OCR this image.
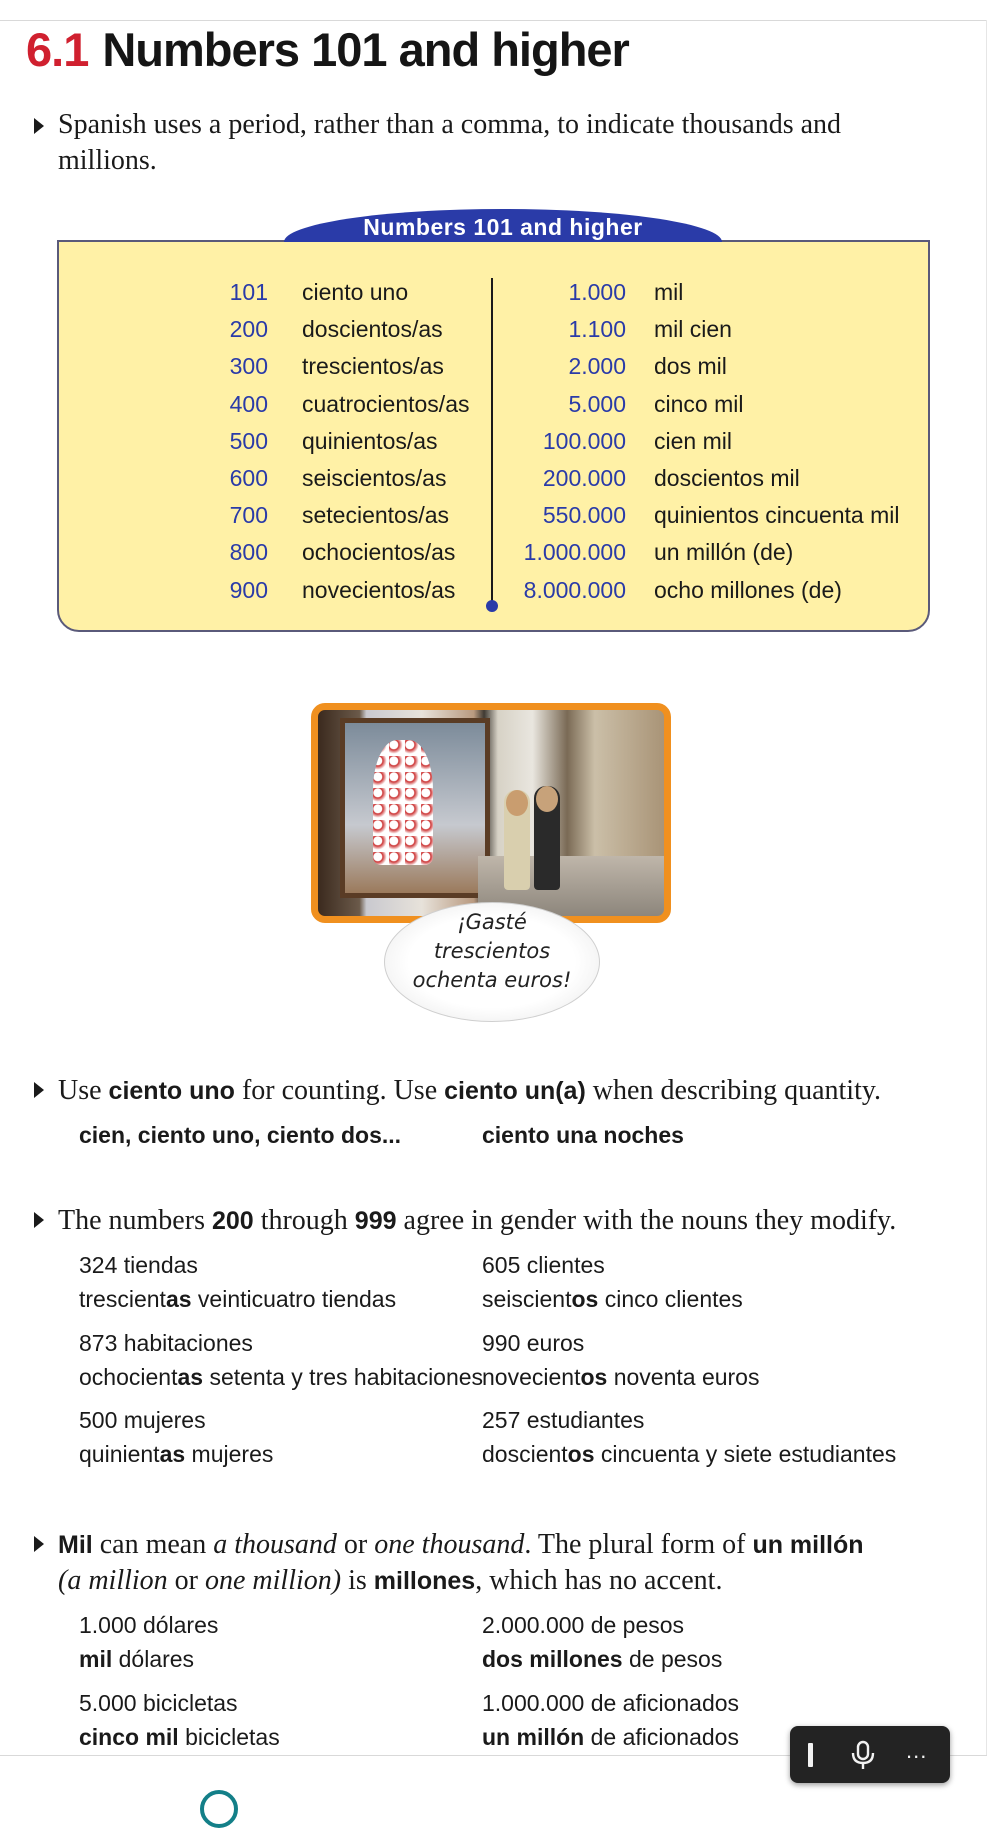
6.1 Numbers 101 and higher
Spanish uses a period, rather than a comma, to indicate thousands and millions.
Numbers 101 and higher
101 ciento uno	1.000 mil
200 doscientos/as	1.100 mil cien
300 trescientos/as	2.000 dos mil
400 cuatrocientos/as	5.000 cinco mil
500 quinientos/as	100.000 cien mil
600 seiscientos/as	200.000 doscientos mil
700 setecientos/as	550.000 quinientos cincuenta mil
800 ochocientos/as	1.000.000 un millón (de)
900 novecientos/as	8.000.000 ocho millones (de)
¡Gasté
trescientos
ochenta euros!
Use ciento uno for counting. Use ciento un(a) when describing quantity.
cien, ciento uno, ciento dos...	ciento una noches
The numbers 200 through 999 agree in gender with the nouns they modify.
324 tiendas
trescientas veinticuatro tiendas
605 clientes
seiscientos cinco clientes
873 habitaciones
ochocientas setenta y tres habitaciones
990 euros
novecientos noventa euros
500 mujeres
quinientas mujeres
257 estudiantes
doscientos cincuenta y siete estudiantes
Mil can mean a thousand or one thousand. The plural form of un millón
(a million or one million) is millones, which has no accent.
1.000 dólares
mil dólares
2.000.000 de pesos
dos millones de pesos
5.000 bicicletas
cinco mil bicicletas
1.000.000 de aficionados
un millón de aficionados
...
